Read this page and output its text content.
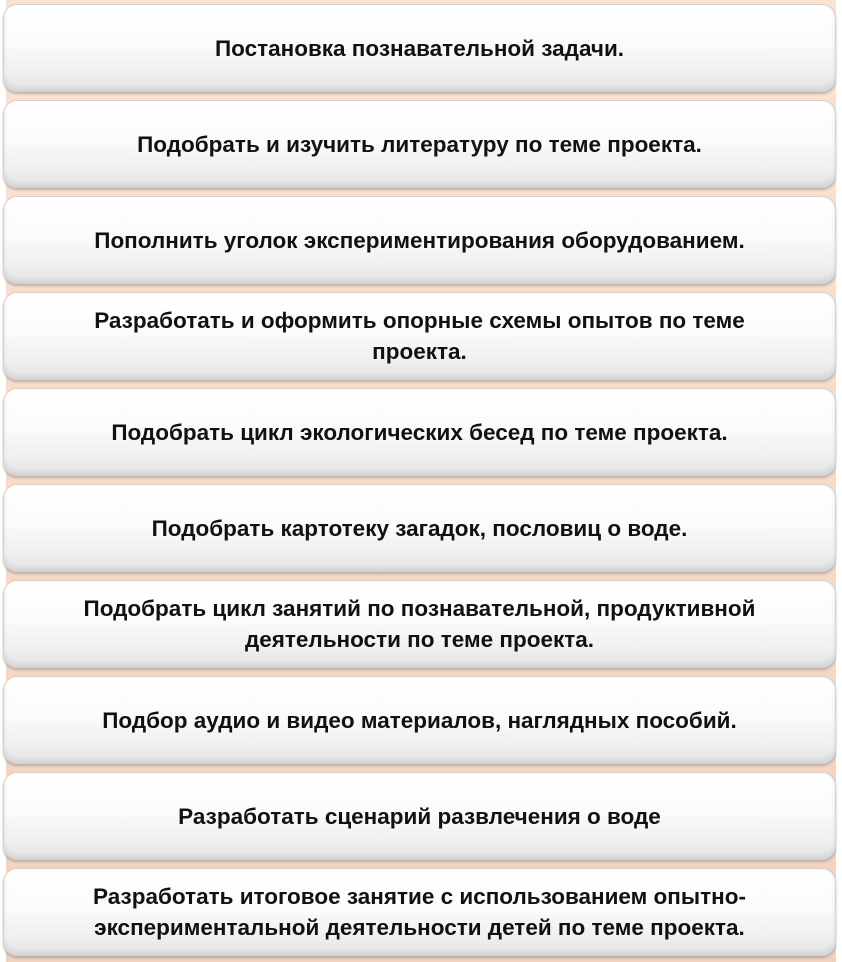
Постановка познавательной задачи.
Подобрать и изучить литературу по теме проекта.
Пополнить уголок экспериментирования оборудованием.
Разработать и оформить опорные схемы опытов по теме
проекта.
Подобрать цикл экологических бесед по теме проекта.
Подобрать картотеку загадок, пословиц о воде.
Подобрать цикл занятий по познавательной, продуктивной
деятельности по теме проекта.
Подбор аудио и видео материалов, наглядных пособий.
Разработать сценарий развлечения о воде
Разработать итоговое занятие с использованием опытно-
экспериментальной деятельности детей по теме проекта.
